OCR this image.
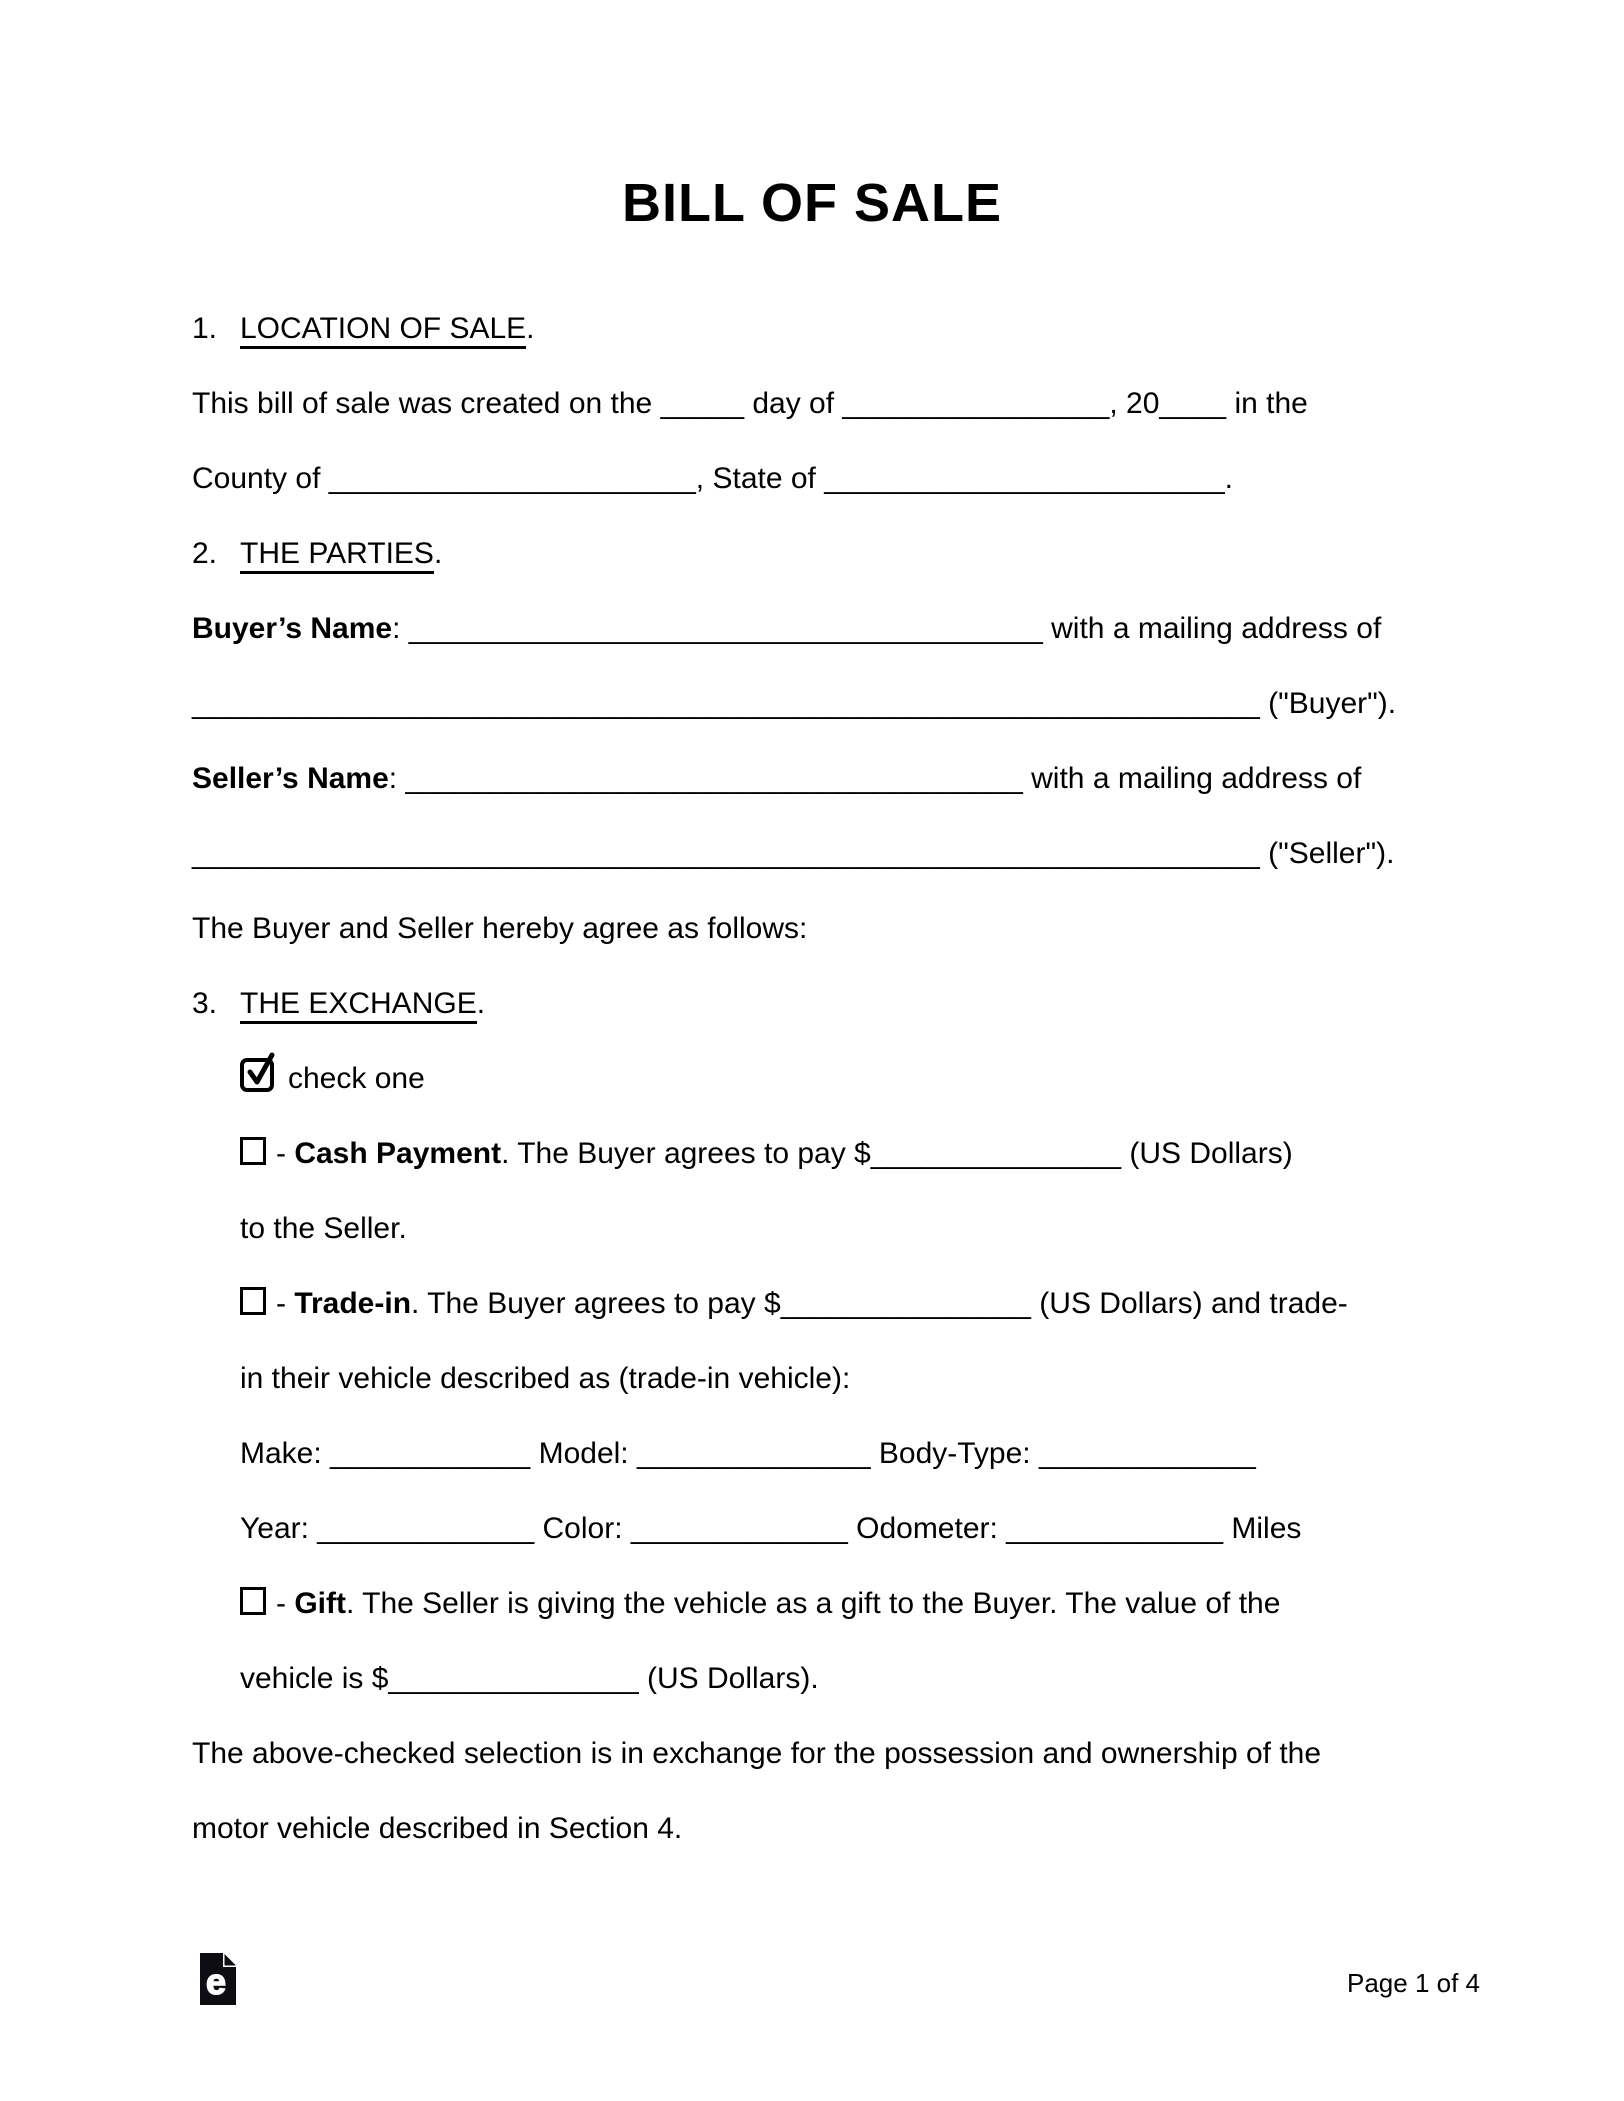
BILL OF SALE
1. LOCATION OF SALE.
This bill of sale was created on the _____ day of ________________, 20____ in the
County of ______________________, State of ________________________.
2. THE PARTIES.
Buyer’s Name: ______________________________________ with a mailing address of
________________________________________________________________ ("Buyer").
Seller’s Name: _____________________________________ with a mailing address of
________________________________________________________________ ("Seller").
The Buyer and Seller hereby agree as follows:
3. THE EXCHANGE.
check one
- Cash Payment. The Buyer agrees to pay $_______________ (US Dollars)
to the Seller.
- Trade-in. The Buyer agrees to pay $_______________ (US Dollars) and trade-
in their vehicle described as (trade-in vehicle):
Make: ____________ Model: ______________ Body-Type: _____________
Year: _____________ Color: _____________ Odometer: _____________ Miles
- Gift. The Seller is giving the vehicle as a gift to the Buyer. The value of the
vehicle is $_______________ (US Dollars).
The above-checked selection is in exchange for the possession and ownership of the
motor vehicle described in Section 4.
e	Page 1 of 4
